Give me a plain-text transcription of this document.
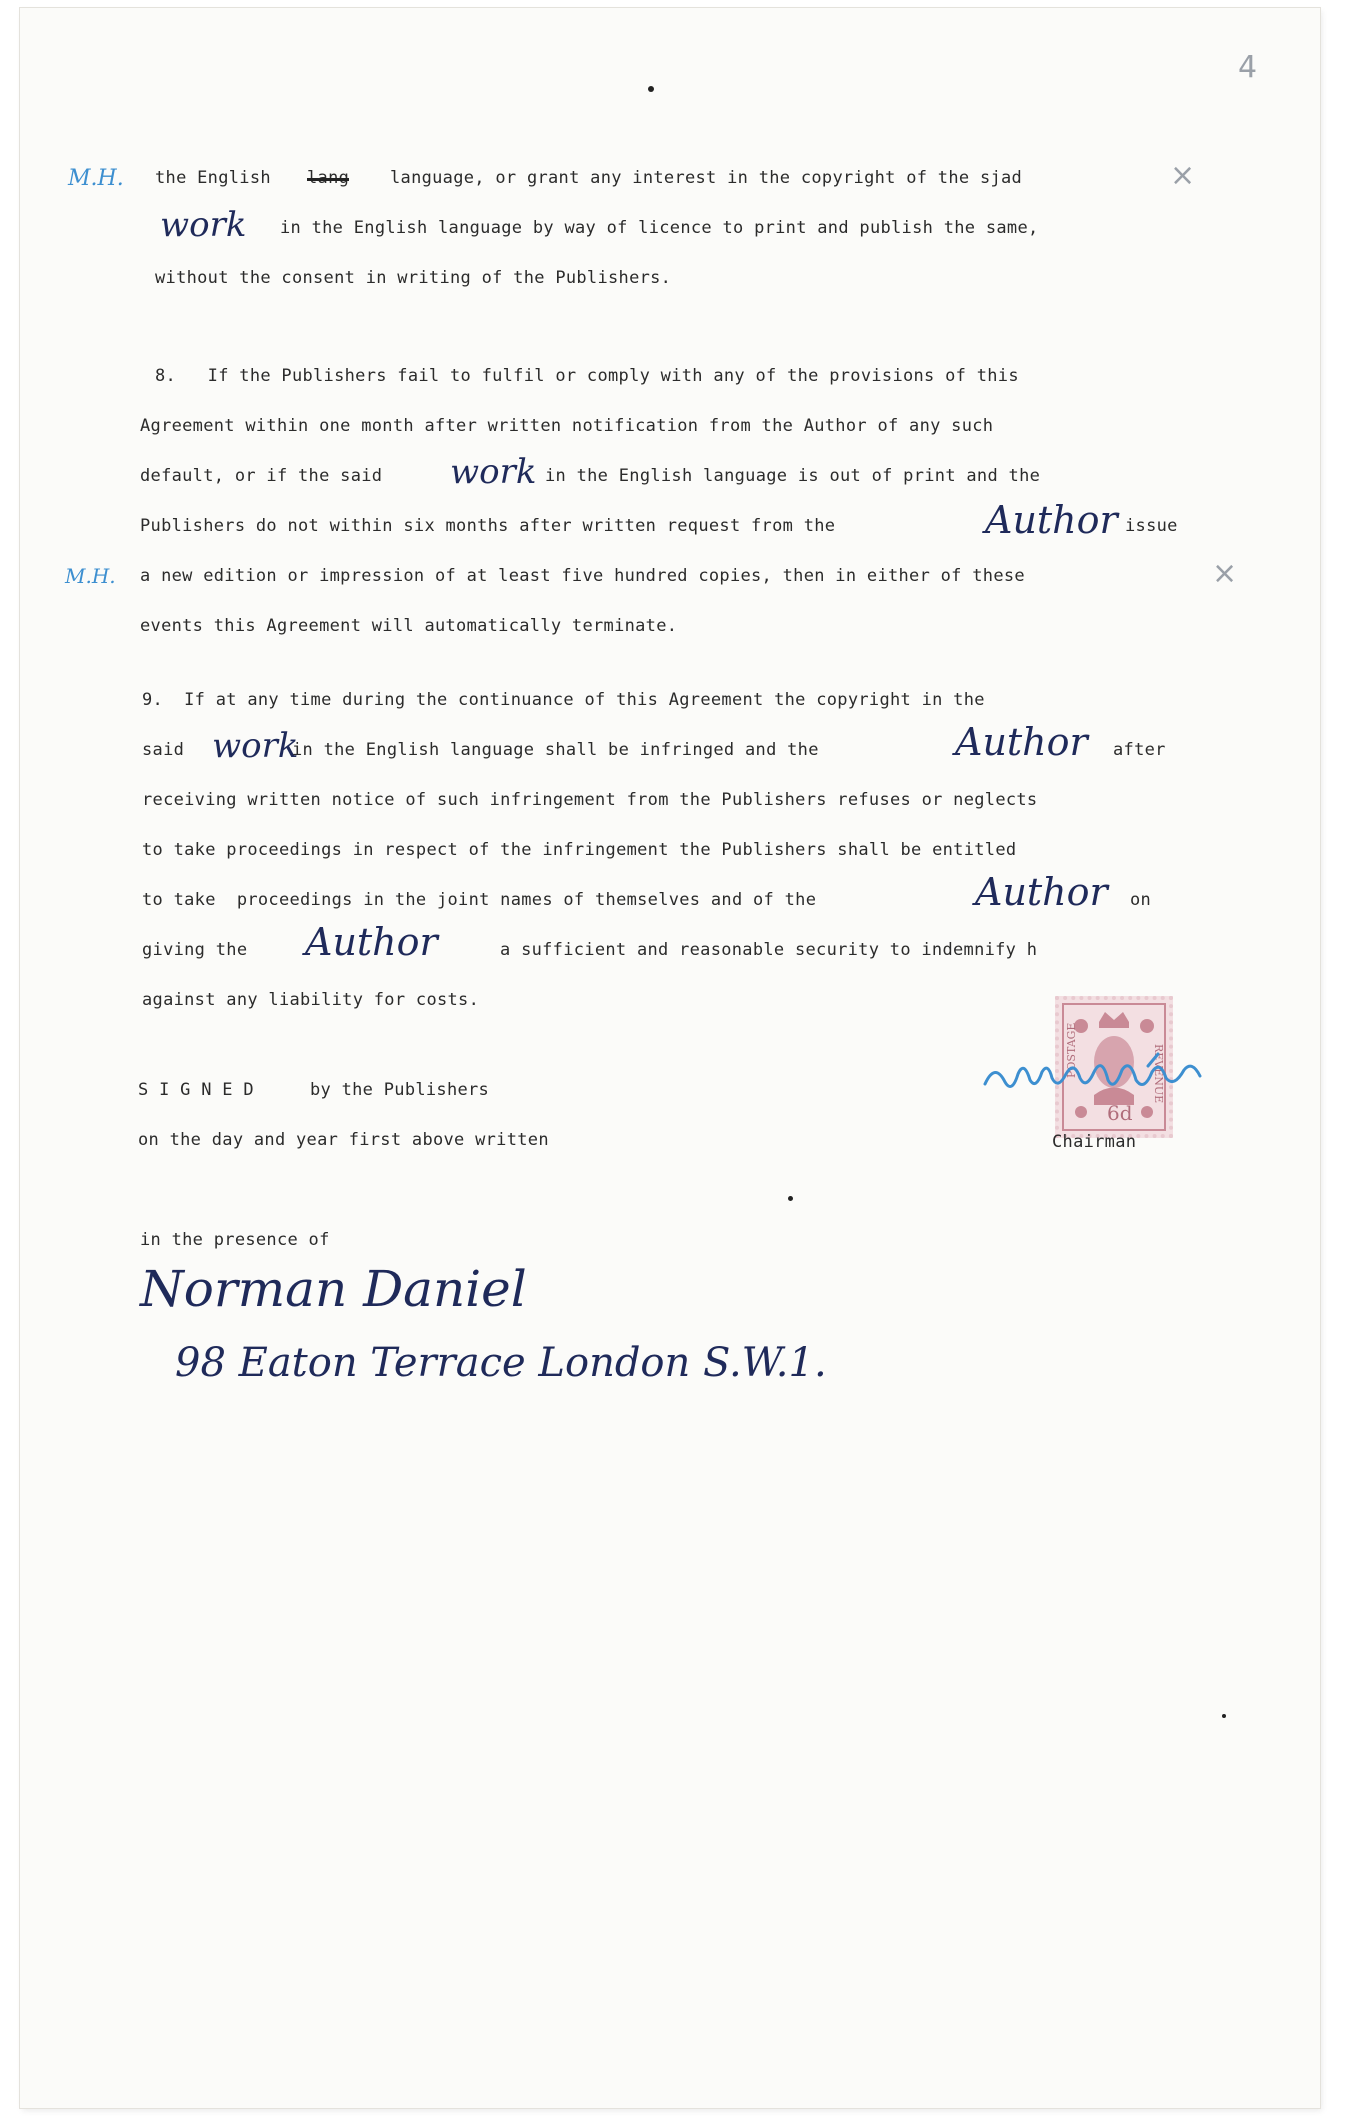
4
M.H. the English lang language, or grant any interest in the copyright of the sjad	×
work in the English language by way of licence to print and publish the same,
without the consent in writing of the Publishers.
8.   If the Publishers fail to fulfil or comply with any of the provisions of this
Agreement within one month after written notification from the Author of any such
default, or if the said work in the English language is out of print and the
Publishers do not within six months after written request from the	Author issue
M.H. a new edition or impression of at least five hundred copies, then in either of these	×
events this Agreement will automatically terminate.
9.  If at any time during the continuance of this Agreement the copyright in the
said work
in the English language shall be infringed and the	Author after
receiving written notice of such infringement from the Publishers refuses or neglects
to take proceedings in respect of the infringement the Publishers shall be entitled
to take  proceedings in the joint names of themselves and of the	Author on
giving the Author	a sufficient and reasonable security to indemnify h
against any liability for costs.
POSTAGE	REVENUE
6d
S I G N E D	by the Publishers
on the day and year first above written	Chairman
in the presence of
Norman Daniel
98 Eaton Terrace London S.W.1.
